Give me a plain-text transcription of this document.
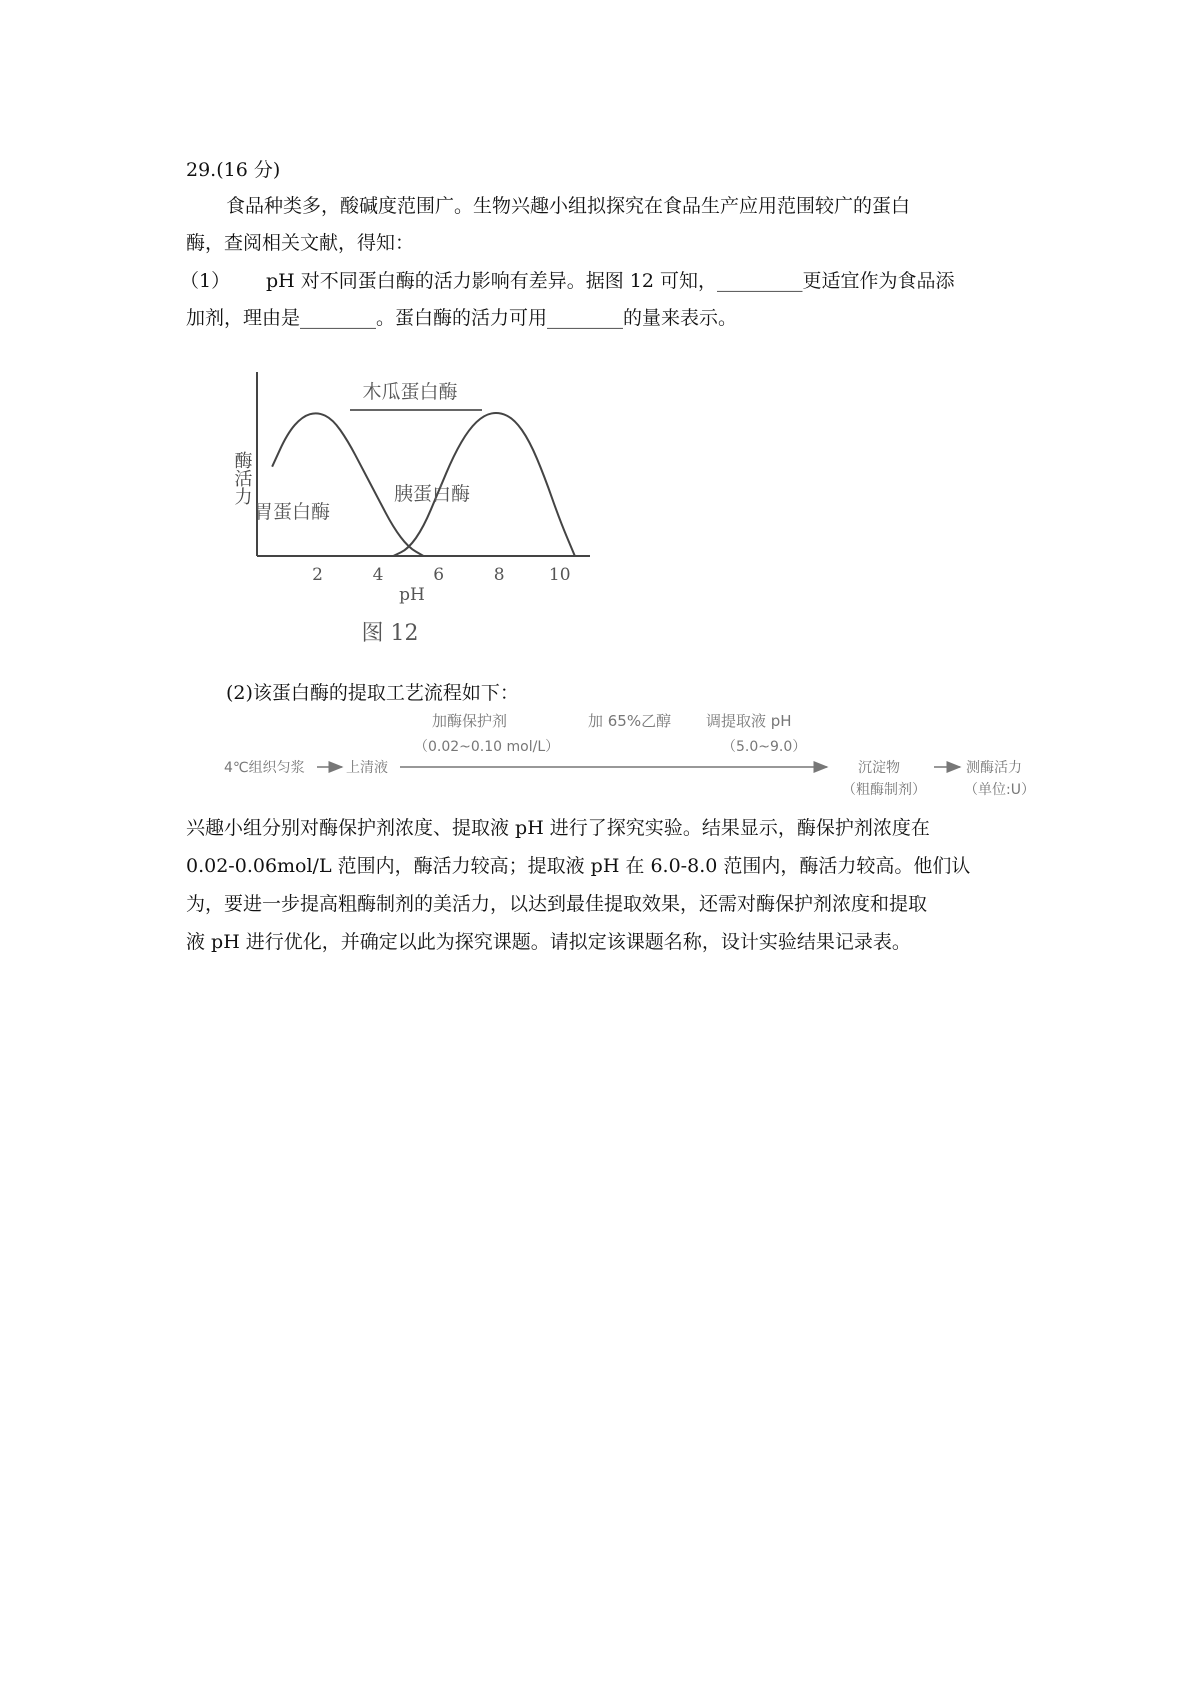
29.(16 分)
食品种类多，酸碱度范围广。生物兴趣小组拟探究在食品生产应用范围较广的蛋白
酶，查阅相关文献，得知：
（1） pH 对不同蛋白酶的活力影响有差异。据图 12 可知，_________更适宜作为食品添
加剂，理由是________。蛋白酶的活力可用________的量来表示。
酶活力
pH
2	4	6	8	10
木瓜蛋白酶
胃蛋白酶
胰蛋白酶
图 12
(2)该蛋白酶的提取工艺流程如下：
4℃组织匀浆	上清液
加酶保护剂
（0.02~0.10 mol/L）
加 65%乙醇 调提取液 pH
（5.0~9.0）
沉淀物
（粗酶制剂）
测酶活力
（单位:U）
兴趣小组分别对酶保护剂浓度、提取液 pH 进行了探究实验。结果显示，酶保护剂浓度在
0.02-0.06mol/L 范围内，酶活力较高；提取液 pH 在 6.0-8.0 范围内，酶活力较高。他们认
为，要进一步提高粗酶制剂的美活力，以达到最佳提取效果，还需对酶保护剂浓度和提取
液 pH 进行优化，并确定以此为探究课题。请拟定该课题名称，设计实验结果记录表。
